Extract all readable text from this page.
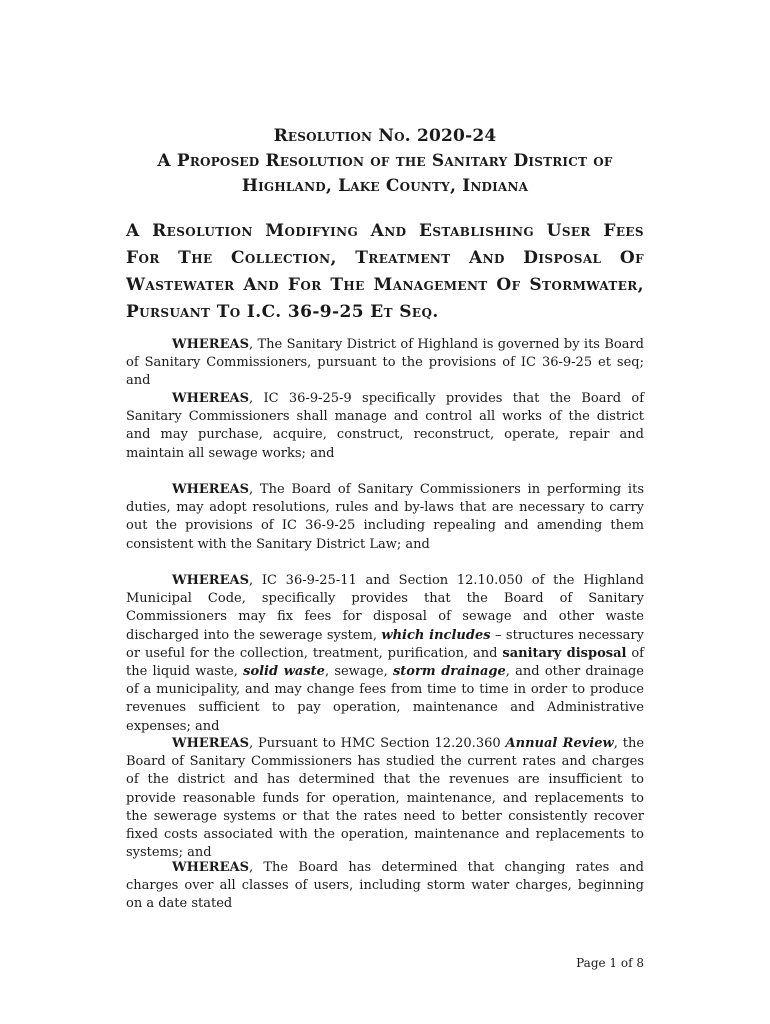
Resolution No. 2020-24
A Proposed Resolution of the Sanitary District of
Highland, Lake County, Indiana
A Resolution Modifying And Establishing User Fees For The Collection, Treatment And Disposal Of Wastewater And For The Management Of Stormwater, Pursuant To I.C. 36-9-25 Et Seq.
WHEREAS, The Sanitary District of Highland is governed by its Board of Sanitary Commissioners, pursuant to the provisions of IC 36-9-25 et seq; and
WHEREAS, IC 36-9-25-9 specifically provides that the Board of Sanitary Commissioners shall manage and control all works of the district and may purchase, acquire, construct, reconstruct, operate, repair and maintain all sewage works; and
WHEREAS, The Board of Sanitary Commissioners in performing its duties, may adopt resolutions, rules and by-laws that are necessary to carry out the provisions of IC 36-9-25 including repealing and amending them consistent with the Sanitary District Law; and
WHEREAS, IC 36-9-25-11 and Section 12.10.050 of the Highland Municipal Code, specifically provides that the Board of Sanitary Commissioners may fix fees for disposal of sewage and other waste discharged into the sewerage system, which includes – structures necessary or useful for the collection, treatment, purification, and sanitary disposal of the liquid waste, solid waste, sewage, storm drainage, and other drainage of a municipality, and may change fees from time to time in order to produce revenues sufficient to pay operation, maintenance and Administrative expenses; and
WHEREAS, Pursuant to HMC Section 12.20.360 Annual Review, the Board of Sanitary Commissioners has studied the current rates and charges of the district and has determined that the revenues are insufficient to provide reasonable funds for operation, maintenance, and replacements to the sewerage systems or that the rates need to better consistently recover fixed costs associated with the operation, maintenance and replacements to systems; and
WHEREAS, The Board has determined that changing rates and charges over all classes of users, including storm water charges, beginning on a date stated
Page 1 of 8
